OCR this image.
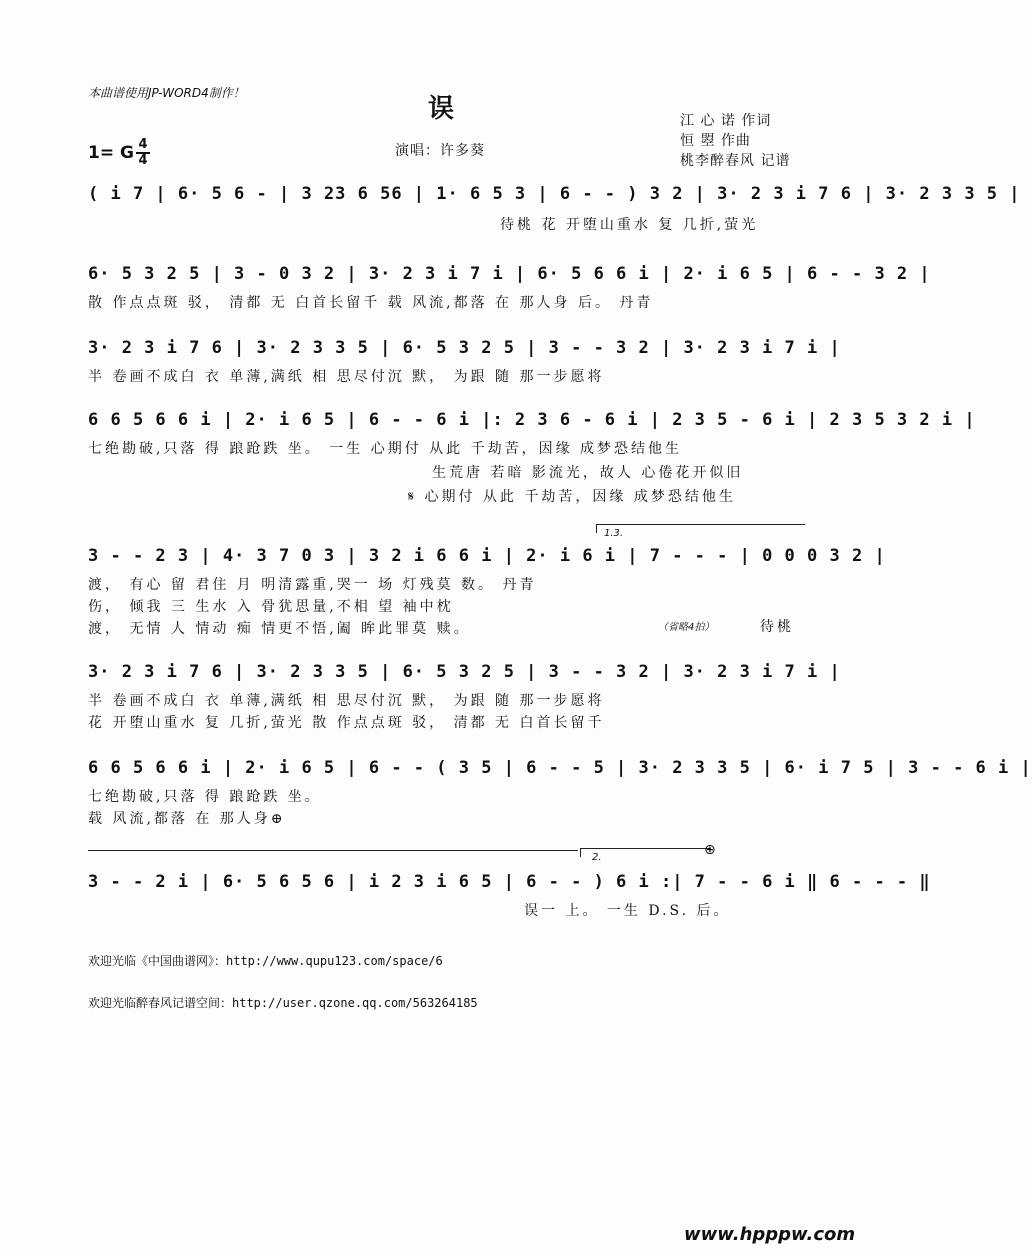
本曲谱使用JP-WORD4制作！
误	江 心 诺 作词
恒 曌 作曲
桃李醉春风 记谱
1= G $\frac{4}{4}$	演唱：许多葵
( i 7 | 6· 5 6 - | 3 23 6 56 | 1· 6 5 3 | 6 - - ) 3 2 | 3· 2 3 i 7 6 | 3· 2 3 3 5 |
待桃 花 开堕山重水 复 几折,萤光
6· 5 3 2 5 | 3 - 0 3 2 | 3· 2 3 i 7 i | 6· 5 6 6 i | 2· i 6 5 | 6 - - 3 2 |
散 作点点斑 驳， 清都 无 白首长留千 载 风流,都落 在 那人身 后。 丹青
3· 2 3 i 7 6 | 3· 2 3 3 5 | 6· 5 3 2 5 | 3 - - 3 2 | 3· 2 3 i 7 i |
半 卷画不成白 衣 单薄,满纸 相 思尽付沉 默， 为跟 随 那一步愿将
6 6 5 6 6 i | 2· i 6 5 | 6 - - 6 i |: 2 3 6 - 6 i | 2 3 5 - 6 i | 2 3 5 3 2 i |
七绝勘破,只落 得 踉跄跌 坐。 一生 心期付 从此 千劫苦，因缘 成梦恐结他生
生荒唐 若暗 影流光，故人 心倦花开似旧
𝄋 心期付 从此 千劫苦，因缘 成梦恐结他生
1.3.
3 - - 2 3 | 4· 3 7 0 3 | 3 2 i 6 6 i | 2· i 6 i | 7 - - - | 0 0 0 3 2 |
渡， 有心 留 君住 月 明清露重,哭一 场 灯残莫 数。 丹青
伤， 倾我 三 生水 入 骨犹思量,不相 望 袖中枕
渡， 无情 人 情动 痴 情更不悟,阖 眸此罪莫 赎。	（省略4拍）	待桃
3· 2 3 i 7 6 | 3· 2 3 3 5 | 6· 5 3 2 5 | 3 - - 3 2 | 3· 2 3 i 7 i |
半 卷画不成白 衣 单薄,满纸 相 思尽付沉 默， 为跟 随 那一步愿将
花 开堕山重水 复 几折,萤光 散 作点点斑 驳， 清都 无 白首长留千
6 6 5 6 6 i | 2· i 6 5 | 6 - - ( 3 5 | 6 - - 5 | 3· 2 3 3 5 | 6· i 7 5 | 3 - - 6 i |
七绝勘破,只落 得 踉跄跌 坐。
载 风流,都落 在 那人身⊕
2.	⊕
3 - - 2 i | 6· 5 6 5 6 | i 2 3 i 6 5 | 6 - - ) 6 i :| 7 - - 6 i ‖ 6 - - - ‖
误一 上。 一生 D.S. 后。
欢迎光临《中国曲谱网》：http://www.qupu123.com/space/6
欢迎光临醉春风记谱空间：http://user.qzone.qq.com/563264185
www.hpppw.com
